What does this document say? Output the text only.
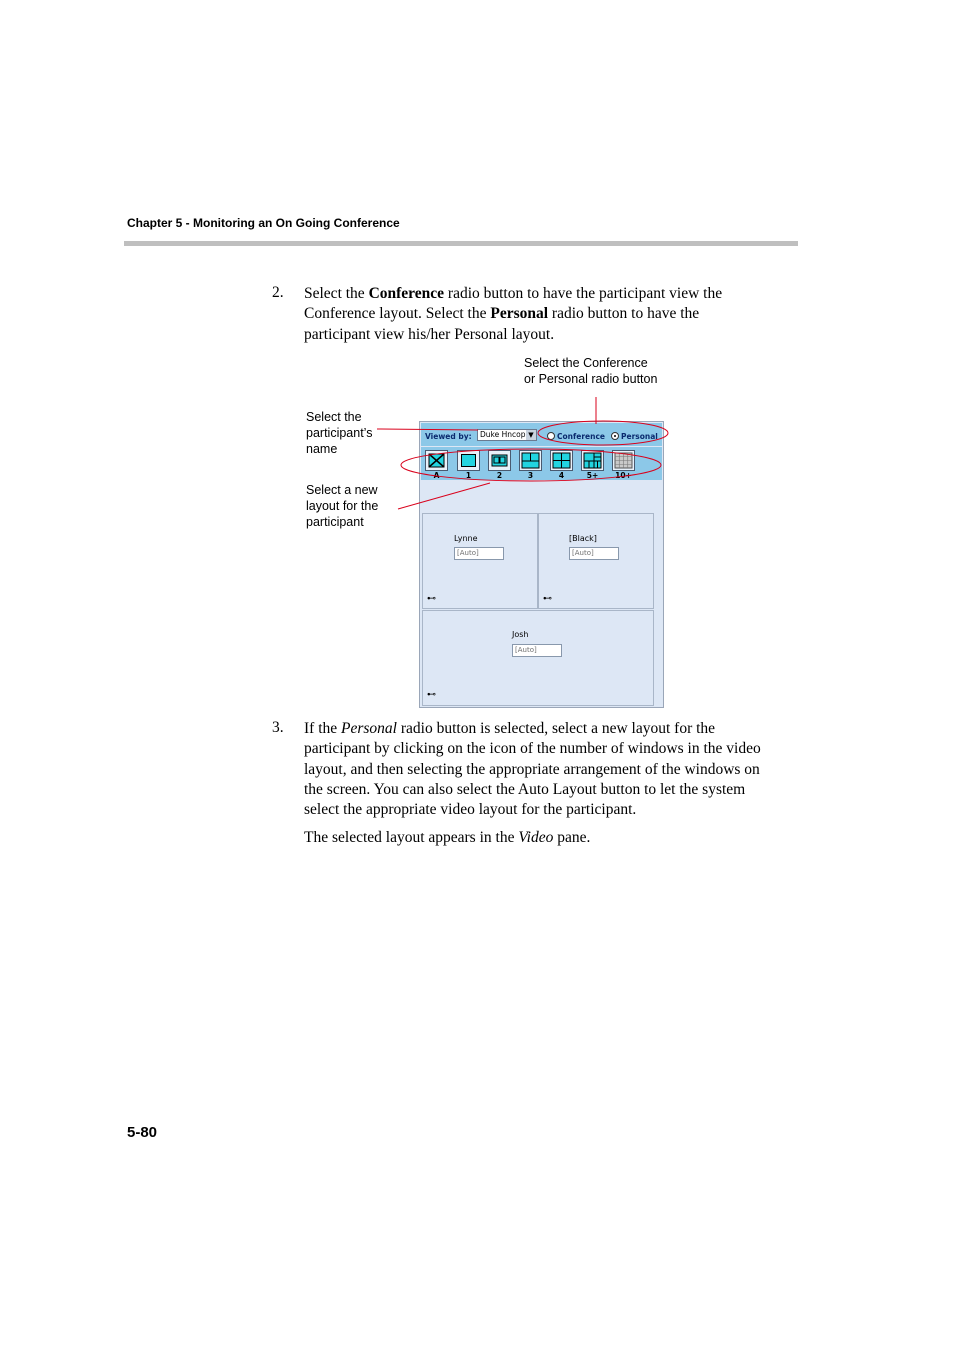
Chapter 5 - Monitoring an On Going Conference
2. Select the Conference radio button to have the participant view the
Conference layout. Select the Personal radio button to have the
participant view his/her Personal layout.
Select the Conference
or Personal radio button
Select the
participant’s
name
Select a new
layout for the
participant
Viewed by:	Duke Hncop ▼	Conference Personal
A	1	2	3	4	5+	10+
Lynne
[Auto]
⊷
[Black]
[Auto]
⊷
Josh
[Auto]
⊷
3. If the Personal radio button is selected, select a new layout for the
participant by clicking on the icon of the number of windows in the video
layout, and then selecting the appropriate arrangement of the windows on
the screen. You can also select the Auto Layout button to let the system
select the appropriate video layout for the participant.
The selected layout appears in the Video pane.
5-80
